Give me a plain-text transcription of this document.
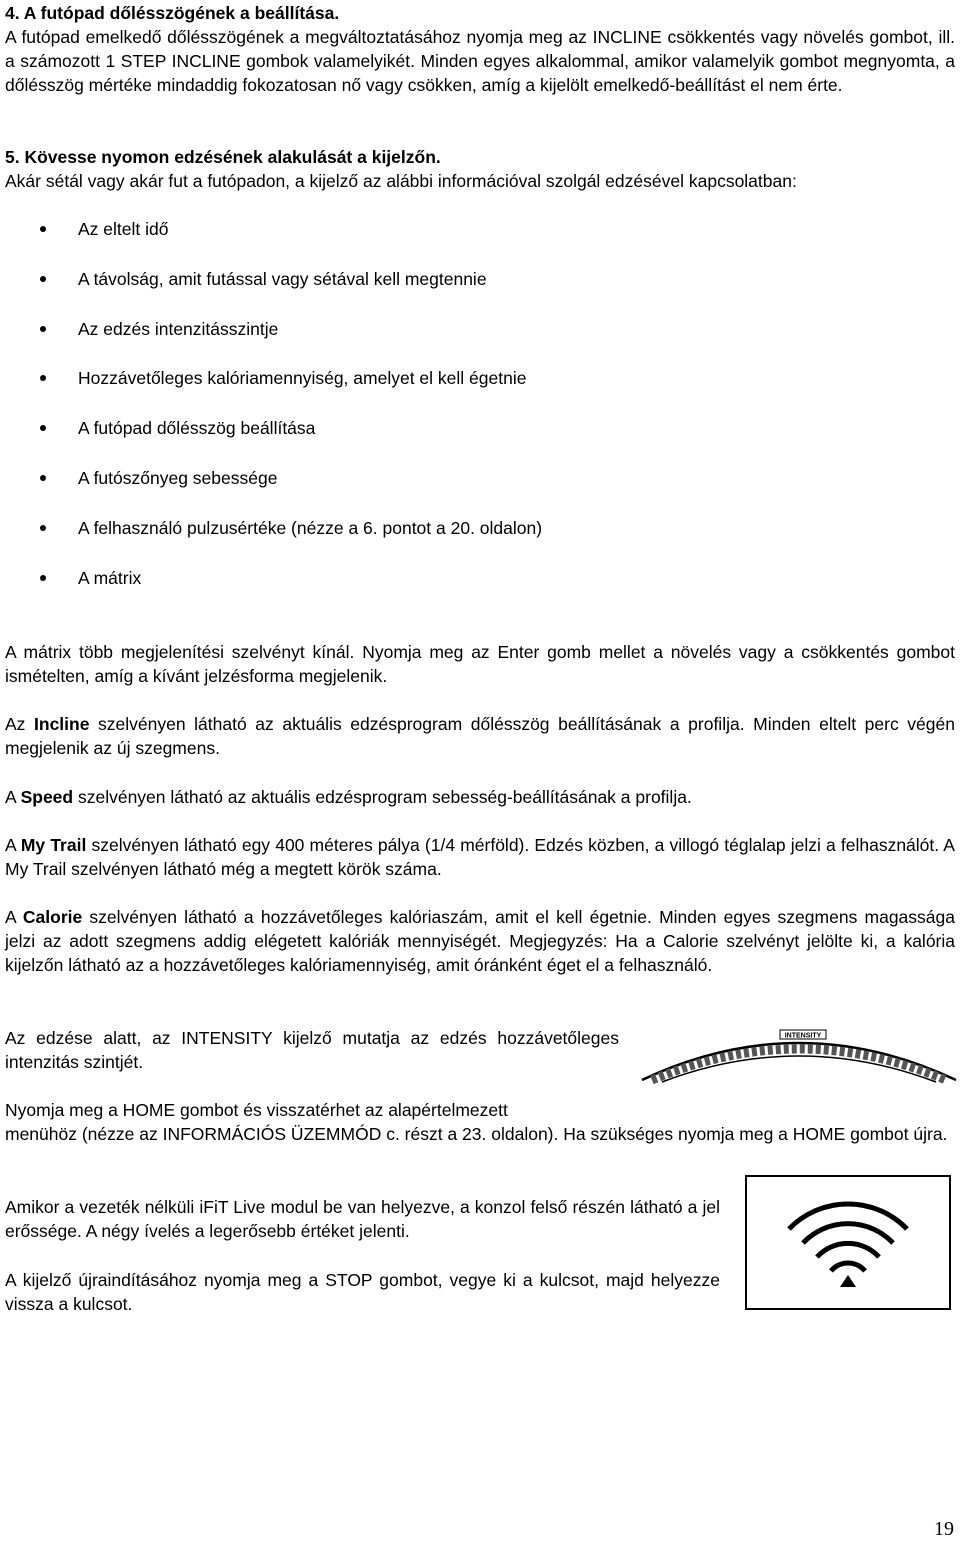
4. A futópad dőlésszögének a beállítása.

A futópad emelkedő dőlésszögének a megváltoztatásához nyomja meg az INCLINE csökkentés vagy növelés gombot, ill. a számozott 1 STEP INCLINE gombok valamelyikét. Minden egyes alkalommal, amikor valamelyik gombot megnyomta, a dőlésszög mértéke mindaddig fokozatosan nő vagy csökken, amíg a kijelölt emelkedő-beállítást el nem érte.

5. Kövesse nyomon edzésének alakulását a kijelzőn.

Akár sétál vagy akár fut a futópadon, a kijelző az alábbi információval szolgál edzésével kapcsolatban:

Az eltelt idő
A távolság, amit futással vagy sétával kell megtennie
Az edzés intenzitásszintje
Hozzávetőleges kalóriamennyiség, amelyet el kell égetnie
A futópad dőlésszög beállítása
A futószőnyeg sebessége
A felhasználó pulzusértéke (nézze a 6. pontot a 20. oldalon)
A mátrix

A mátrix több megjelenítési szelvényt kínál. Nyomja meg az Enter gomb mellet a növelés vagy a csökkentés gombot ismételten, amíg a kívánt jelzésforma megjelenik.

Az Incline szelvényen látható az aktuális edzésprogram dőlésszög beállításának a profilja. Minden eltelt perc végén megjelenik az új szegmens.

A Speed szelvényen látható az aktuális edzésprogram sebesség-beállításának a profilja.

A My Trail szelvényen látható egy 400 méteres pálya (1/4 mérföld). Edzés közben, a villogó téglalap jelzi a felhasználót. A My Trail szelvényen látható még a megtett körök száma.

A Calorie szelvényen látható a hozzávetőleges kalóriaszám, amit el kell égetnie. Minden egyes szegmens magassága jelzi az adott szegmens addig elégetett kalóriák mennyiségét. Megjegyzés: Ha a Calorie szelvényt jelölte ki, a kalória kijelzőn látható az a hozzávetőleges kalóriamennyiség, amit óránként éget el a felhasználó.

Az edzése alatt, az INTENSITY kijelző mutatja az edzés hozzávetőleges intenzitás szintjét.

INTENSITY

Nyomja meg a HOME gombot és visszatérhet az alapértelmezett

menühöz (nézze az INFORMÁCIÓS ÜZEMMÓD c. részt a 23. oldalon). Ha szükséges nyomja meg a HOME gombot újra.

Amikor a vezeték nélküli iFiT Live modul be van helyezve, a konzol felső részén látható a jel erőssége. A négy ívelés a legerősebb értéket jelenti.

A kijelző újraindításához nyomja meg a STOP gombot, vegye ki a kulcsot, majd helyezze vissza a kulcsot.

19
